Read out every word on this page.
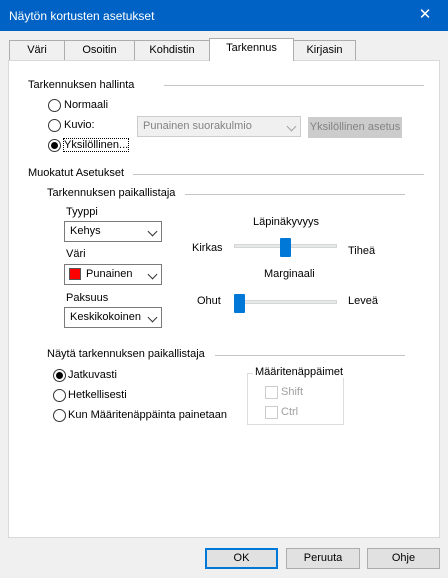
Näytön kortusten asetukset	✕
Väri	Osoitin	Kohdistin	Tarkennus	Kirjasin
Tarkennuksen hallinta
Normaali
Kuvio:
Yksilöllinen...
Punainen suorakulmio	Yksilöllinen asetus
Muokatut Asetukset
Tarkennuksen paikallistaja
Tyyppi
Kehys
Väri
Punainen
Paksuus
Keskikokoinen
Läpinäkyvyys
Kirkas	Tiheä
Marginaali
Ohut	Leveä
Näytä tarkennuksen paikallistaja
Jatkuvasti
Hetkellisesti
Kun Määritenäppäinta painetaan
Määritenäppäimet
Shift
Ctrl
OK	Peruuta	Ohje
